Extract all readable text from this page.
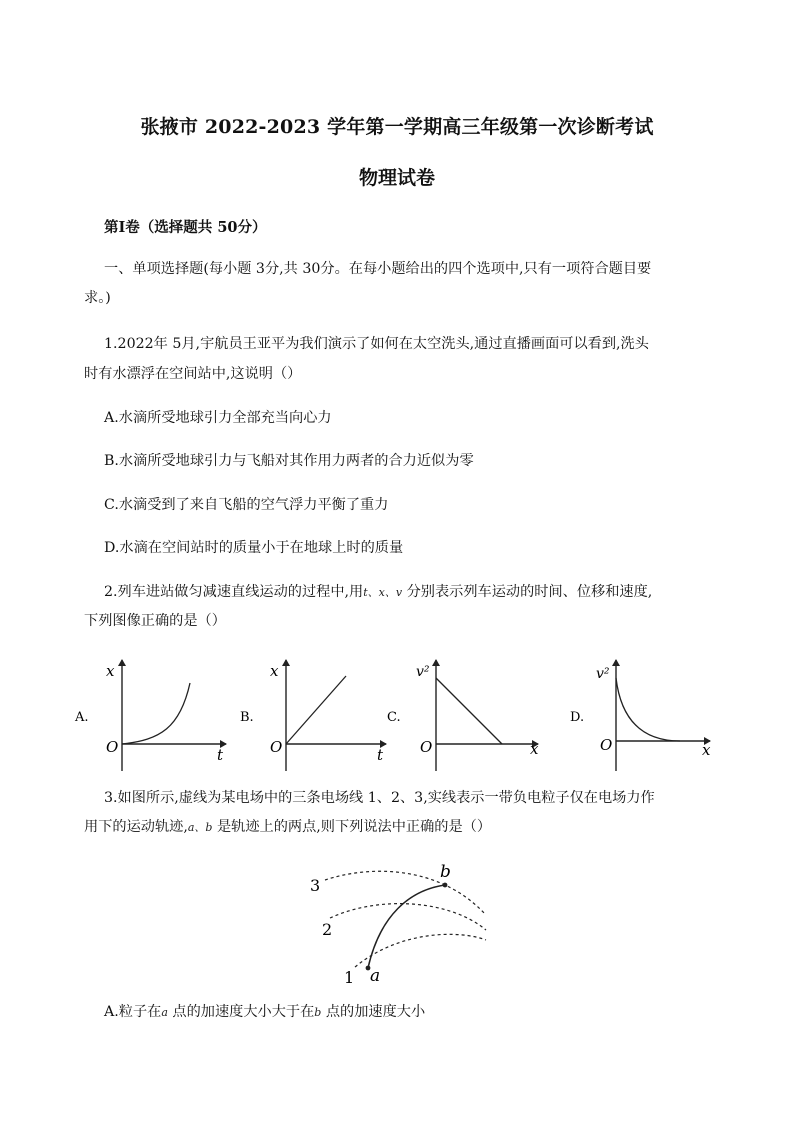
张掖市 2022-2023 学年第一学期高三年级第一次诊断考试
物理试卷
第Ⅰ卷（选择题共 50分）
一、单项选择题(每小题 3分,共 30分。在每小题给出的四个选项中,只有一项符合题目要
求。)
1.2022年 5月,宇航员王亚平为我们演示了如何在太空洗头,通过直播画面可以看到,洗头
时有水漂浮在空间站中,这说明（）
A.水滴所受地球引力全部充当向心力
B.水滴所受地球引力与飞船对其作用力两者的合力近似为零
C.水滴受到了来自飞船的空气浮力平衡了重力
D.水滴在空间站时的质量小于在地球上时的质量
2.列车进站做匀减速直线运动的过程中,用t、x、v 分别表示列车运动的时间、位移和速度,
下列图像正确的是（）
A.
x
t
O
B.
x
t
O
C.
v²
x
O
D.
v²
x
O
3.如图所示,虚线为某电场中的三条电场线 1、2、3,实线表示一带负电粒子仅在电场力作
用下的运动轨迹,a、b 是轨迹上的两点,则下列说法中正确的是（）
3
2
1 a
b
A.粒子在a 点的加速度大小大于在b 点的加速度大小
